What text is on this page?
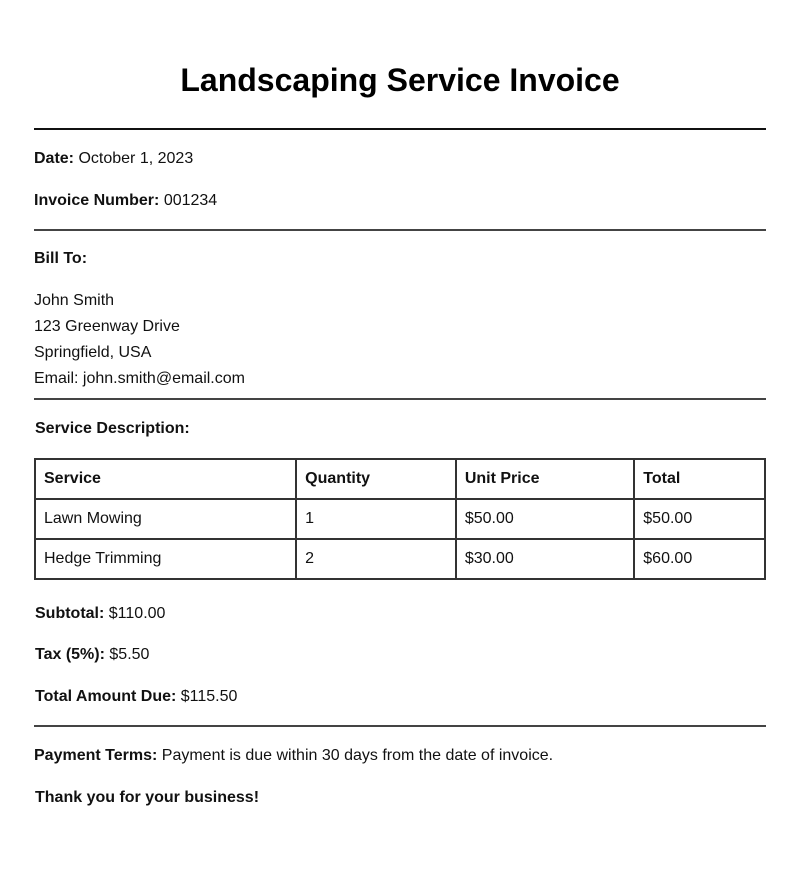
Landscaping Service Invoice
Date: October 1, 2023
Invoice Number: 001234
Bill To:
John Smith
123 Greenway Drive
Springfield, USA
Email: john.smith@email.com
Service Description:
Service	Quantity	Unit Price	Total
Lawn Mowing	1	$50.00	$50.00
Hedge Trimming	2	$30.00	$60.00
Subtotal: $110.00
Tax (5%): $5.50
Total Amount Due: $115.50
Payment Terms: Payment is due within 30 days from the date of invoice.
Thank you for your business!
